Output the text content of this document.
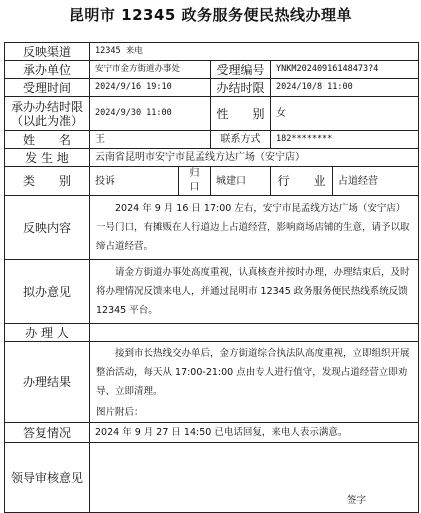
昆明市 12345 政务服务便民热线办理单
反映渠道	12345 来电				
承办单位	安宁市金方街道办事处		受理编号	YNKM20240916148473?4	
受理时间	2024/9/16 19:10		办结时限	2024/10/8 11:00	
承办办结时限（以此为准）	2024/9/30 11:00		性　　别	女	
姓　　名	王		联系方式	182********	
发 生 地	云南省昆明市安宁市昆孟线方达广场（安宁店）				
类　　别	投诉	归　　口	城建口	行　　业	占道经营
反映内容	2024 年 9 月 16 日 17:00 左右，安宁市昆孟线方达广场（安宁店）一号门口，有摊贩在人行道边上占道经营，影响商场店铺的生意，请予以取缔占道经营。				

拟办意见	请金方街道办事处高度重视，认真核查并按时办理，办理结束后，及时将办理情况反馈来电人，并通过昆明市 12345 政务服务便民热线系统反馈 12345 平台。				

办 理 人					
办理结果	接到市长热线交办单后，金方街道综合执法队高度重视，立即组织开展整治活动，每天从 17:00-21:00 点由专人进行值守，发现占道经营立即劝导、立即清理。
图片附后：				

答复情况	2024 年 9 月 27 日 14:50 已电话回复，来电人表示满意。				
领导审核意见	签字				
